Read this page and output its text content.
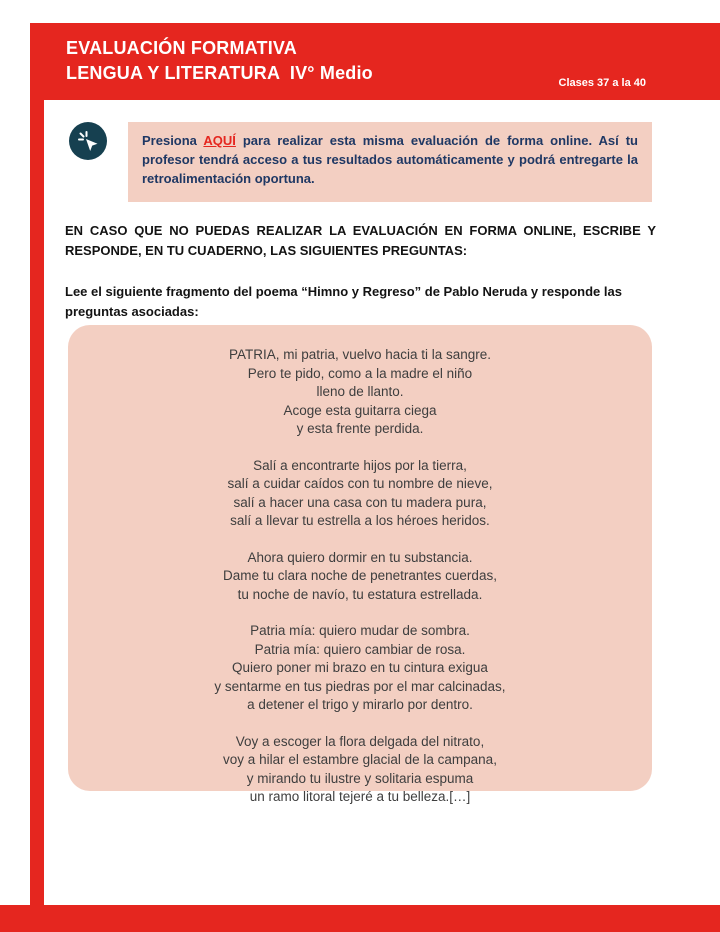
EVALUACIÓN FORMATIVA
LENGUA Y LITERATURA  IV° Medio	Clases 37 a la 40

Presiona AQUÍ para realizar esta misma evaluación de forma online. Así tu profesor tendrá acceso a tus resultados automáticamente y podrá entregarte la retroalimentación oportuna.

EN CASO QUE NO PUEDAS REALIZAR LA EVALUACIÓN EN FORMA ONLINE, ESCRIBE Y RESPONDE, EN TU CUADERNO, LAS SIGUIENTES PREGUNTAS:

Lee el siguiente fragmento del poema “Himno y Regreso” de Pablo Neruda y responde las preguntas asociadas:

PATRIA, mi patria, vuelvo hacia ti la sangre.
Pero te pido, como a la madre el niño
lleno de llanto.
Acoge esta guitarra ciega
y esta frente perdida.
Salí a encontrarte hijos por la tierra,
salí a cuidar caídos con tu nombre de nieve,
salí a hacer una casa con tu madera pura,
salí a llevar tu estrella a los héroes heridos.
Ahora quiero dormir en tu substancia.
Dame tu clara noche de penetrantes cuerdas,
tu noche de navío, tu estatura estrellada.
Patria mía: quiero mudar de sombra.
Patria mía: quiero cambiar de rosa.
Quiero poner mi brazo en tu cintura exigua
y sentarme en tus piedras por el mar calcinadas,
a detener el trigo y mirarlo por dentro.
Voy a escoger la flora delgada del nitrato,
voy a hilar el estambre glacial de la campana,
y mirando tu ilustre y solitaria espuma
un ramo litoral tejeré a tu belleza.[…]
